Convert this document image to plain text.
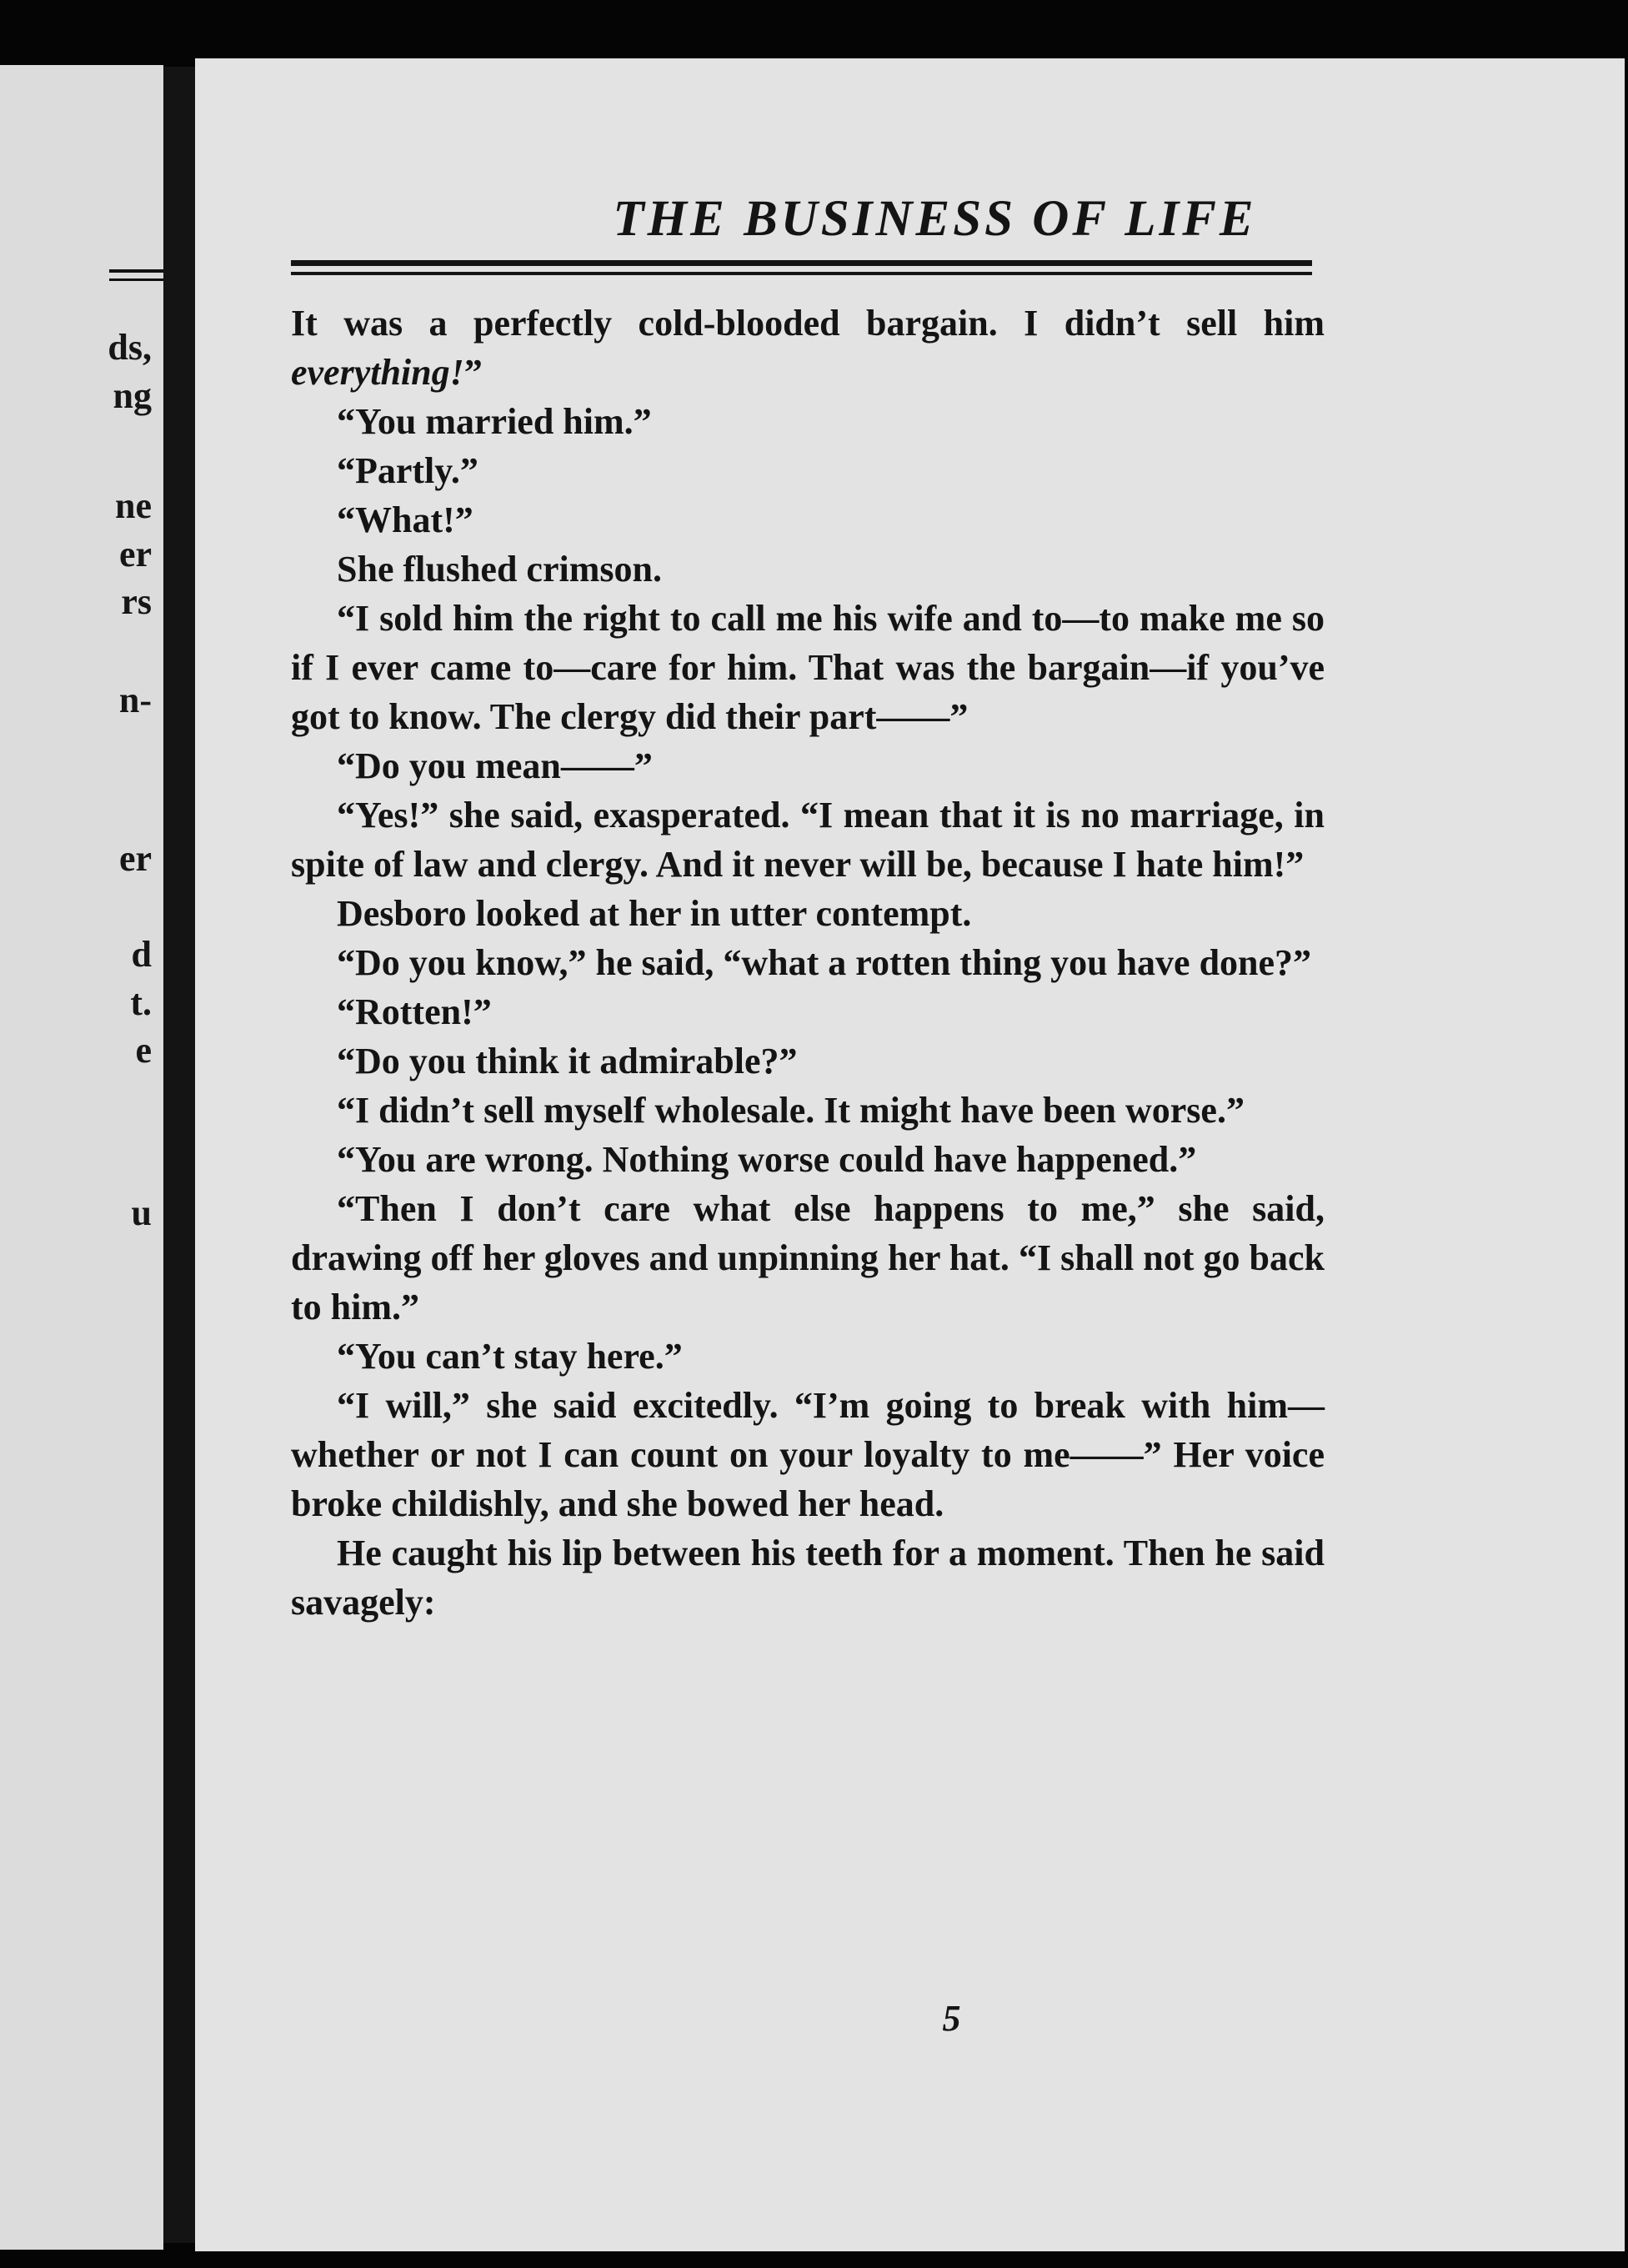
ds,

ng

ne

er

rs

n-

er

d

t.

e

u

THE BUSINESS OF LIFE

It was a perfectly cold-blooded bargain. I didn’t sell him everything!”

“You married him.”

“Partly.”

“What!”

She flushed crimson.

“I sold him the right to call me his wife and to—to make me so if I ever came to—care for him. That was the bargain—if you’ve got to know. The clergy did their part——”

“Do you mean——”

“Yes!” she said, exasperated. “I mean that it is no marriage, in spite of law and clergy. And it never will be, because I hate him!”

Desboro looked at her in utter contempt.

“Do you know,” he said, “what a rotten thing you have done?”

“Rotten!”

“Do you think it admirable?”

“I didn’t sell myself wholesale. It might have been worse.”

“You are wrong. Nothing worse could have happened.”

“Then I don’t care what else happens to me,” she said, drawing off her gloves and unpinning her hat. “I shall not go back to him.”

“You can’t stay here.”

“I will,” she said excitedly. “I’m going to break with him—whether or not I can count on your loyalty to me——” Her voice broke childishly, and she bowed her head.

He caught his lip between his teeth for a moment. Then he said savagely:

5
